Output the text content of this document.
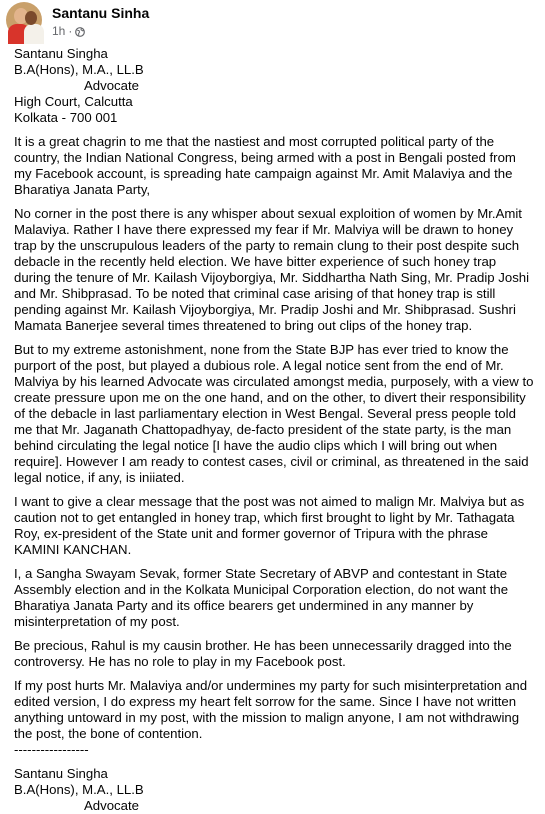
Santanu Sinha
1h ·
Santanu Singha
B.A(Hons), M.A., LL.B
Advocate
High Court, Calcutta
Kolkata - 700 001

It is a great chagrin to me that the nastiest and most corrupted political party of the country, the Indian National Congress, being armed with a post in Bengali posted from my Facebook account, is spreading hate campaign against Mr. Amit Malaviya and the Bharatiya Janata Party,

No corner in the post there is any whisper about sexual exploition of women by Mr.Amit Malaviya. Rather I have there expressed my fear if Mr. Malviya will be drawn to honey trap by the unscrupulous leaders of the party to remain clung to their post despite such debacle in the recently held election. We have bitter experience of such honey trap during the tenure of Mr. Kailash Vijoyborgiya, Mr. Siddhartha Nath Sing, Mr. Pradip Joshi and Mr. Shibprasad. To be noted that criminal case arising of that honey trap is still pending against Mr. Kailash Vijoyborgiya, Mr. Pradip Joshi and Mr. Shibprasad. Sushri Mamata Banerjee several times threatened to bring out clips of the honey trap.

But to my extreme astonishment, none from the State BJP has ever tried to know the purport of the post, but played a dubious role. A legal notice sent from the end of Mr. Malviya by his learned Advocate was circulated amongst media, purposely, with a view to create pressure upon me on the one hand, and on the other, to divert their responsibility of the debacle in last parliamentary election in West Bengal. Several press people told me that Mr. Jaganath Chattopadhyay, de-facto president of the state party, is the man behind circulating the legal notice [I have the audio clips which I will bring out when require]. However I am ready to contest cases, civil or criminal, as threatened in the said legal notice, if any, is iniiated.

I want to give a clear message that the post was not aimed to malign Mr. Malviya but as caution not to get entangled in honey trap, which first brought to light by Mr. Tathagata Roy, ex-president of the State unit and former governor of Tripura with the phrase KAMINI KANCHAN.

I, a Sangha Swayam Sevak, former State Secretary of ABVP and contestant in State Assembly election and in the Kolkata Municipal Corporation election, do not want the Bharatiya Janata Party and its office bearers get undermined in any manner by misinterpretation of my post.

Be precious, Rahul is my causin brother. He has been unnecessarily dragged into the controversy. He has no role to play in my Facebook post.

If my post hurts Mr. Malaviya and/or undermines my party for such misinterpretation and edited version, I do express my heart felt sorrow for the same. Since I have not written anything untoward in my post, with the mission to malign anyone, I am not withdrawing the post, the bone of contention.

-----------------
Santanu Singha
B.A(Hons), M.A., LL.B
Advocate
